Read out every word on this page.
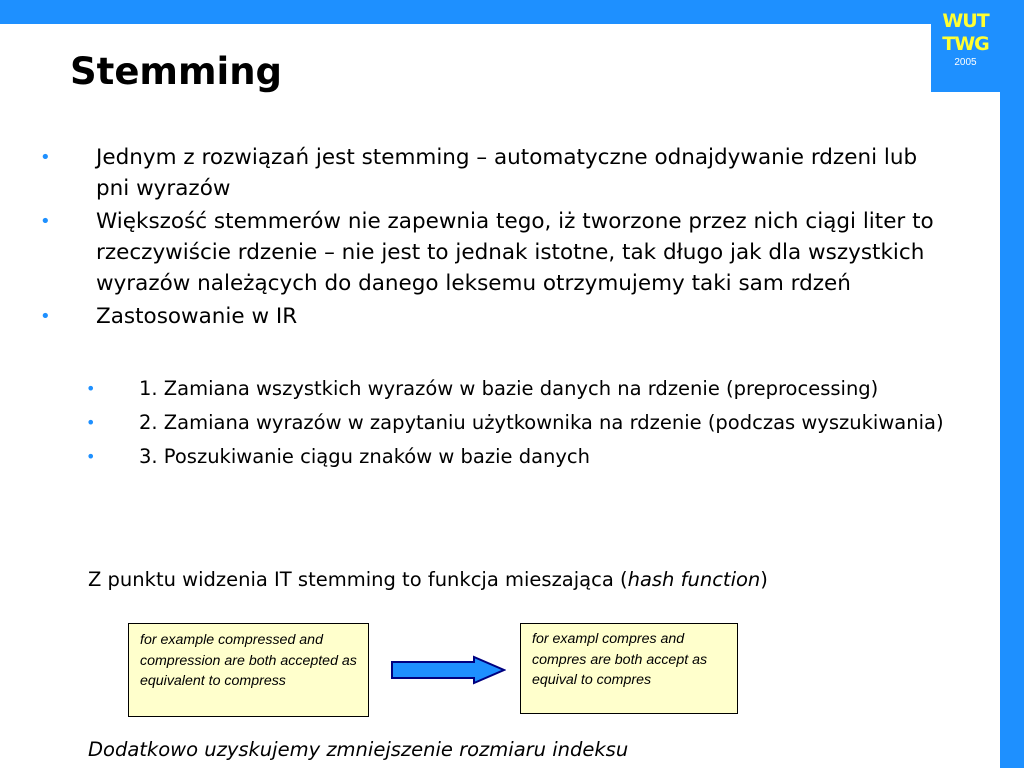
WUT
TWG
2005
Stemming
• Jednym z rozwiązań jest stemming – automatyczne odnajdywanie rdzeni lub pni wyrazów
• Większość stemmerów nie zapewnia tego, iż tworzone przez nich ciągi liter to rzeczywiście rdzenie – nie jest to jednak istotne, tak długo jak dla wszystkich wyrazów należących do danego leksemu otrzymujemy taki sam rdzeń
• Zastosowanie w IR
• 1. Zamiana wszystkich wyrazów w bazie danych na rdzenie (preprocessing)
• 2. Zamiana wyrazów w zapytaniu użytkownika na rdzenie (podczas wyszukiwania)
• 3. Poszukiwanie ciągu znaków w bazie danych
Z punktu widzenia IT stemming to funkcja mieszająca (hash function)
for example compressed and compression are both accepted as equivalent to compress
for exampl compres and compres are both accept as equival to compres
Dodatkowo uzyskujemy zmniejszenie rozmiaru indeksu
